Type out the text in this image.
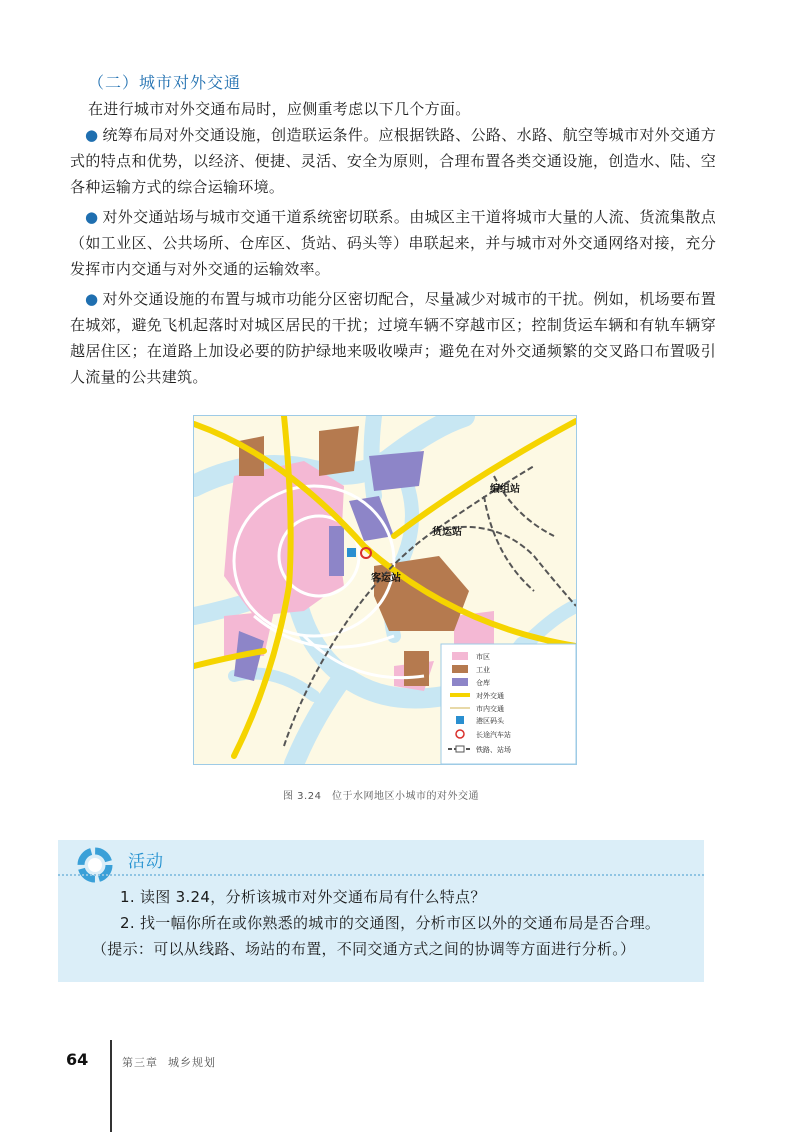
（二）城市对外交通
在进行城市对外交通布局时，应侧重考虑以下几个方面。
● 统筹布局对外交通设施，创造联运条件。应根据铁路、公路、水路、航空等城市对外交通方式的特点和优势，以经济、便捷、灵活、安全为原则，合理布置各类交通设施，创造水、陆、空各种运输方式的综合运输环境。
● 对外交通站场与城市交通干道系统密切联系。由城区主干道将城市大量的人流、货流集散点（如工业区、公共场所、仓库区、货站、码头等）串联起来，并与城市对外交通网络对接，充分发挥市内交通与对外交通的运输效率。
● 对外交通设施的布置与城市功能分区密切配合，尽量减少对城市的干扰。例如，机场要布置在城郊，避免飞机起落时对城区居民的干扰；过境车辆不穿越市区；控制货运车辆和有轨车辆穿越居住区；在道路上加设必要的防护绿地来吸收噪声；避免在对外交通频繁的交叉路口布置吸引人流量的公共建筑。
编组站
货运站
客运站
市区
工业
仓库
对外交通
市内交通
港区码头
长途汽车站
铁路、站场
图 3.24　位于水网地区小城市的对外交通
活动
1. 读图 3.24，分析该城市对外交通布局有什么特点？
2. 找一幅你所在或你熟悉的城市的交通图，分析市区以外的交通布局是否合理。
（提示：可以从线路、场站的布置，不同交通方式之间的协调等方面进行分析。）
64	第三章 城乡规划
